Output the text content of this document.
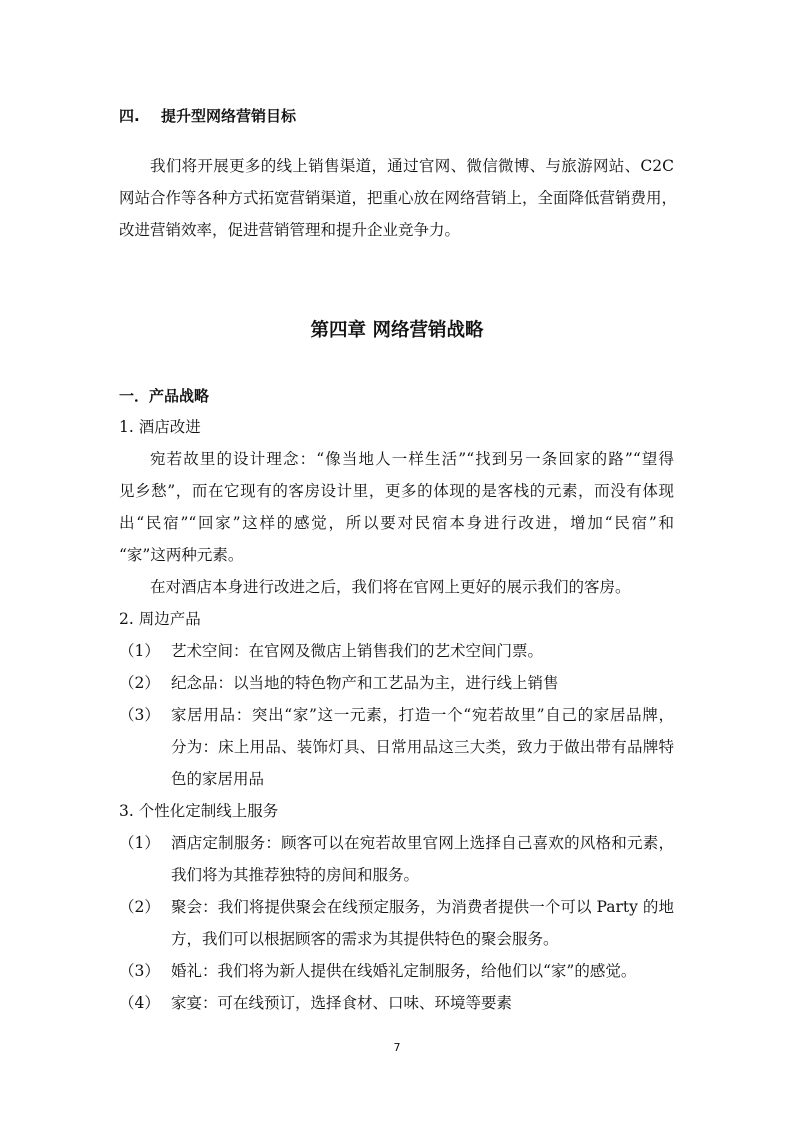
四. 提升型网络营销目标
我们将开展更多的线上销售渠道，通过官网、微信微博、与旅游网站、C2C
网站合作等各种方式拓宽营销渠道，把重心放在网络营销上，全面降低营销费用，
改进营销效率，促进营销管理和提升企业竞争力。
第四章 网络营销战略
一．产品战略
1. 酒店改进
宛若故里的设计理念：“像当地人一样生活”“找到另一条回家的路”“望得
见乡愁”，而在它现有的客房设计里，更多的体现的是客栈的元素，而没有体现
出“民宿”“回家”这样的感觉，所以要对民宿本身进行改进，增加“民宿”和
“家”这两种元素。
在对酒店本身进行改进之后，我们将在官网上更好的展示我们的客房。
2. 周边产品
（1） 艺术空间：在官网及微店上销售我们的艺术空间门票。
（2） 纪念品：以当地的特色物产和工艺品为主，进行线上销售
（3） 家居用品：突出“家”这一元素，打造一个“宛若故里”自己的家居品牌，
分为：床上用品、装饰灯具、日常用品这三大类，致力于做出带有品牌特
色的家居用品
3. 个性化定制线上服务
（1） 酒店定制服务：顾客可以在宛若故里官网上选择自己喜欢的风格和元素，
我们将为其推荐独特的房间和服务。
（2） 聚会：我们将提供聚会在线预定服务，为消费者提供一个可以 Party 的地
方，我们可以根据顾客的需求为其提供特色的聚会服务。
（3） 婚礼：我们将为新人提供在线婚礼定制服务，给他们以“家”的感觉。
（4） 家宴：可在线预订，选择食材、口味、环境等要素
7
